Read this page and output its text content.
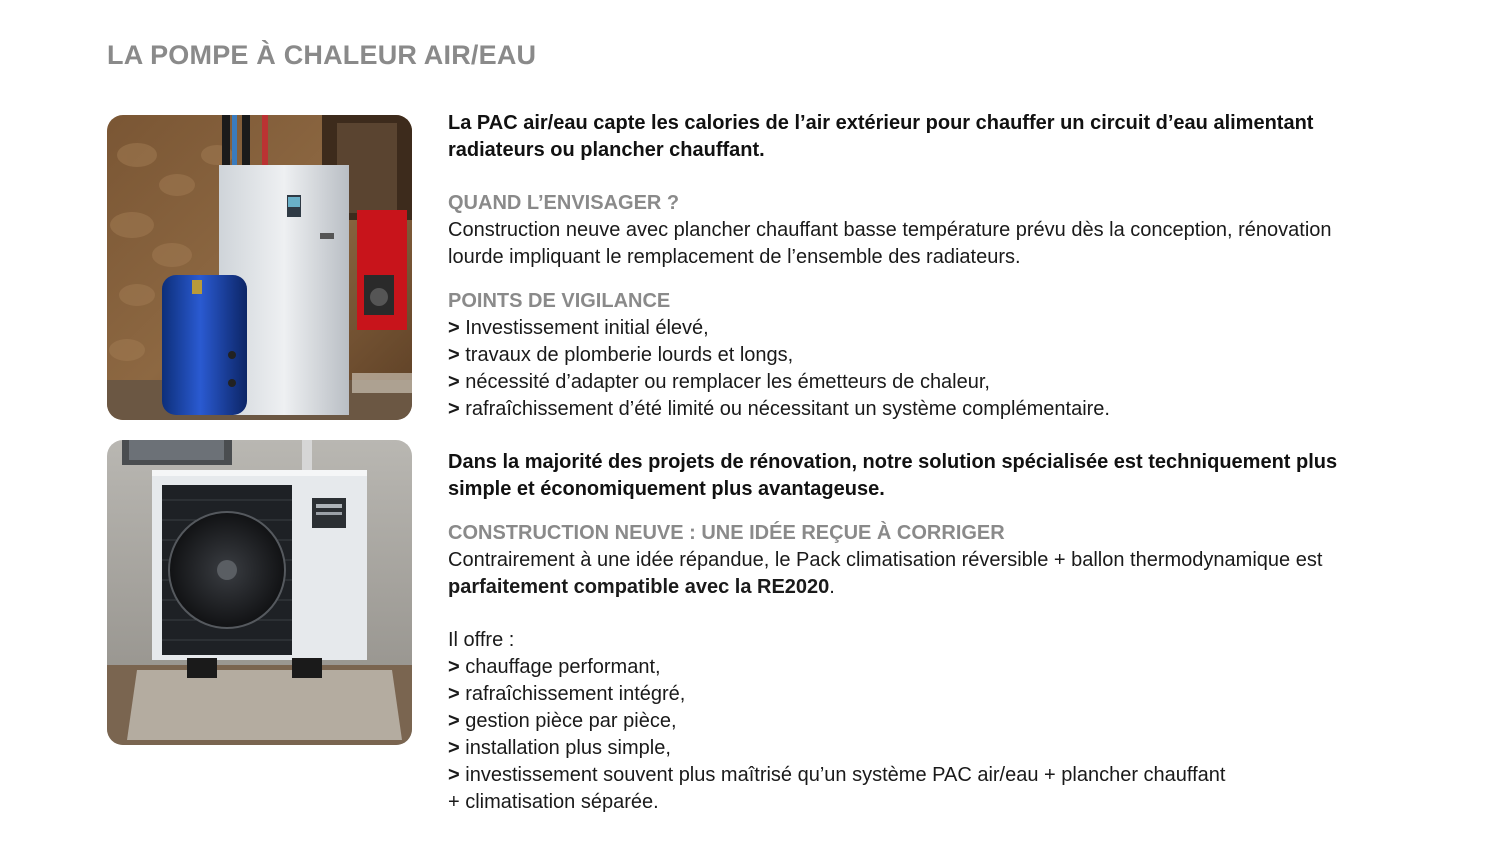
LA POMPE À CHALEUR AIR/EAU

La PAC air/eau capte les calories de l’air extérieur pour chauffer un circuit d’eau alimentant radiateurs ou plancher chauffant.

QUAND L’ENVISAGER ?

Construction neuve avec plancher chauffant basse température prévu dès la conception, rénovation lourde impliquant le remplacement de l’ensemble des radiateurs.

POINTS DE VIGILANCE

> Investissement initial élevé,
> travaux de plomberie lourds et longs,
> nécessité d’adapter ou remplacer les émetteurs de chaleur,
> rafraîchissement d’été limité ou nécessitant un système complémentaire.

Dans la majorité des projets de rénovation, notre solution spécialisée est techniquement plus simple et économiquement plus avantageuse.

CONSTRUCTION NEUVE : UNE IDÉE REÇUE À CORRIGER

Contrairement à une idée répandue, le Pack climatisation réversible + ballon thermodynamique est parfaitement compatible avec la RE2020.

Il offre :

> chauffage performant,
> rafraîchissement intégré,
> gestion pièce par pièce,
> installation plus simple,
> investissement souvent plus maîtrisé qu’un système PAC air/eau + plancher chauffant
+ climatisation séparée.
